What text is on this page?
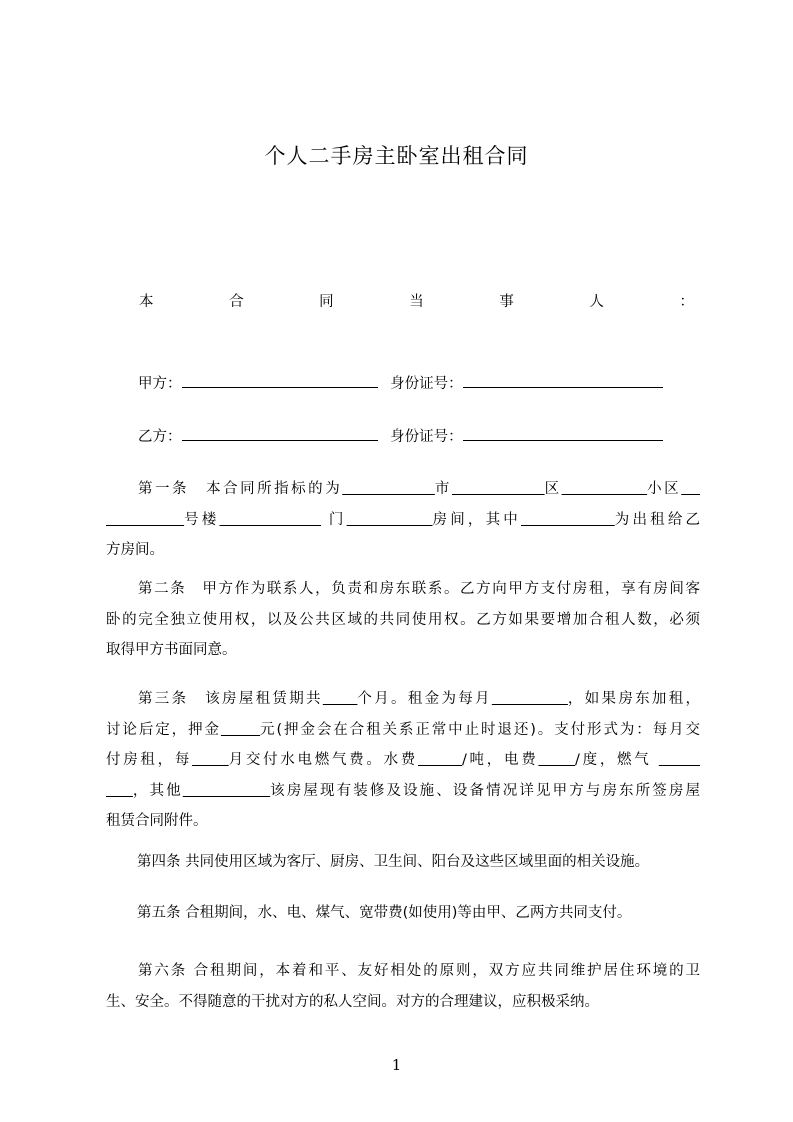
个人二手房主卧室出租合同
本	合	同	当	事	人	：
甲方：	身份证号：
乙方：	身份证号：
第一条　本合同所指标的为	市	区	小区
号楼	门	房间，其中	为出租给乙
方房间。
第二条　甲方作为联系人，负责和房东联系。乙方向甲方支付房租，享有房间客
卧的完全独立使用权，以及公共区域的共同使用权。乙方如果要增加合租人数，必须
取得甲方书面同意。
第三条　该房屋租赁期共 个月。租金为每月	，如果房东加租，
讨论后定，押金	元(押金会在合租关系正常中止时退还)。支付形式为：每月交
付房租，每	月交付水电燃气费。水费	/吨，电费	/度，燃气
，其他	该房屋现有装修及设施、设备情况详见甲方与房东所签房屋
租赁合同附件。
第四条 共同使用区域为客厅、厨房、卫生间、阳台及这些区域里面的相关设施。
第五条 合租期间，水、电、煤气、宽带费(如使用)等由甲、乙两方共同支付。
第六条 合租期间，本着和平、友好相处的原则，双方应共同维护居住环境的卫
生、安全。不得随意的干扰对方的私人空间。对方的合理建议，应积极采纳。
1
